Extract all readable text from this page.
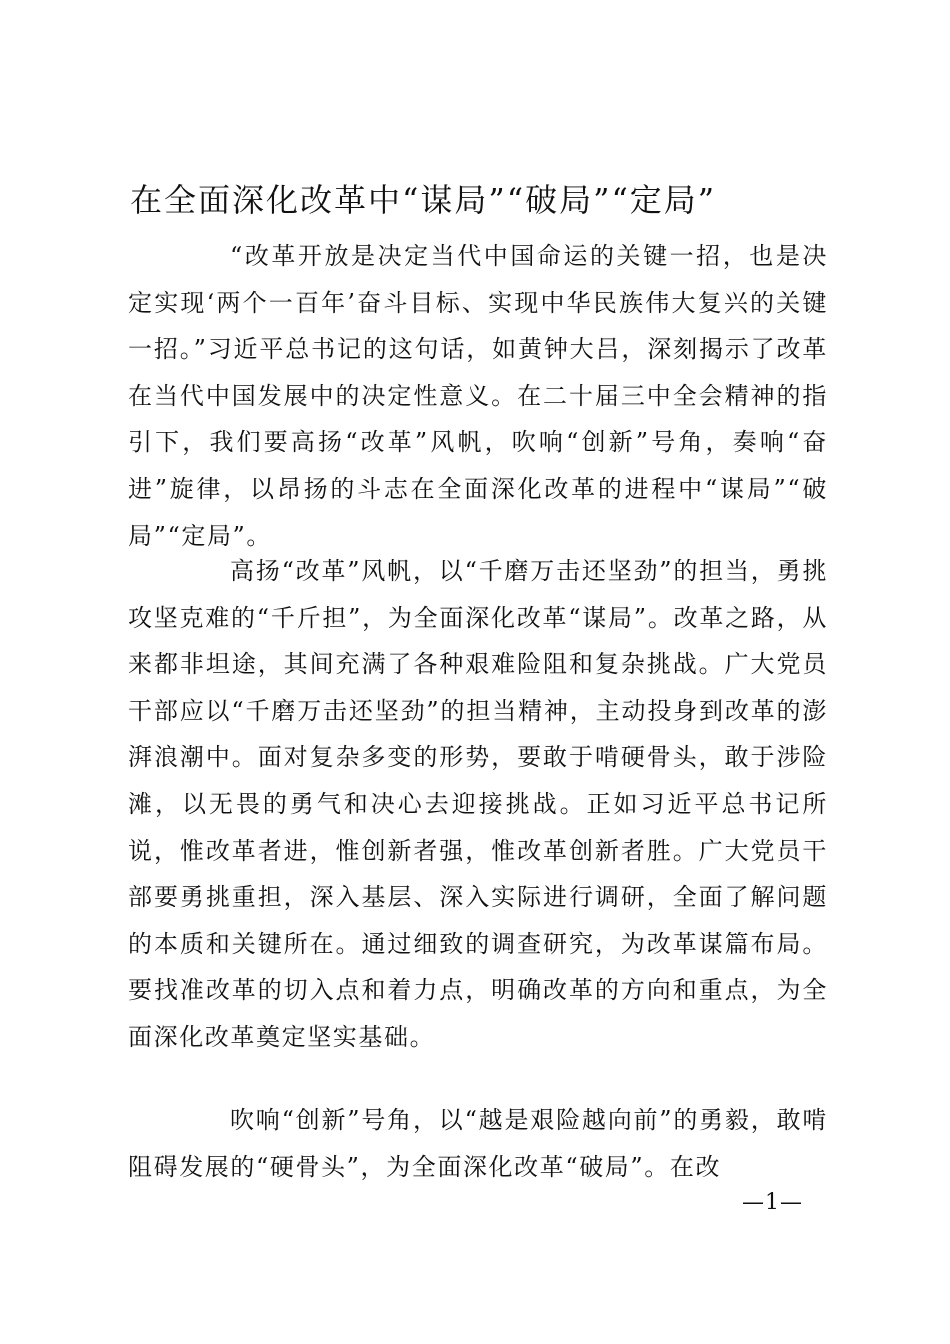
在全面深化改革中“谋局”“破局”“定局”

“改革开放是决定当代中国命运的关键一招，也是决定实现‘两个一百年’奋斗目标、实现中华民族伟大复兴的关键一招。”习近平总书记的这句话，如黄钟大吕，深刻揭示了改革在当代中国发展中的决定性意义。在二十届三中全会精神的指引下，我们要高扬“改革”风帆，吹响“创新”号角，奏响“奋进”旋律，以昂扬的斗志在全面深化改革的进程中“谋局”“破局”“定局”。

高扬“改革”风帆，以“千磨万击还坚劲”的担当，勇挑攻坚克难的“千斤担”，为全面深化改革“谋局”。改革之路，从来都非坦途，其间充满了各种艰难险阻和复杂挑战。广大党员干部应以“千磨万击还坚劲”的担当精神，主动投身到改革的澎湃浪潮中。面对复杂多变的形势，要敢于啃硬骨头，敢于涉险滩，以无畏的勇气和决心去迎接挑战。正如习近平总书记所说，惟改革者进，惟创新者强，惟改革创新者胜。广大党员干部要勇挑重担，深入基层、深入实际进行调研，全面了解问题的本质和关键所在。通过细致的调查研究，为改革谋篇布局。要找准改革的切入点和着力点，明确改革的方向和重点，为全面深化改革奠定坚实基础。

吹响“创新”号角，以“越是艰险越向前”的勇毅，敢啃阻碍发展的“硬骨头”，为全面深化改革“破局”。在改

—1—
